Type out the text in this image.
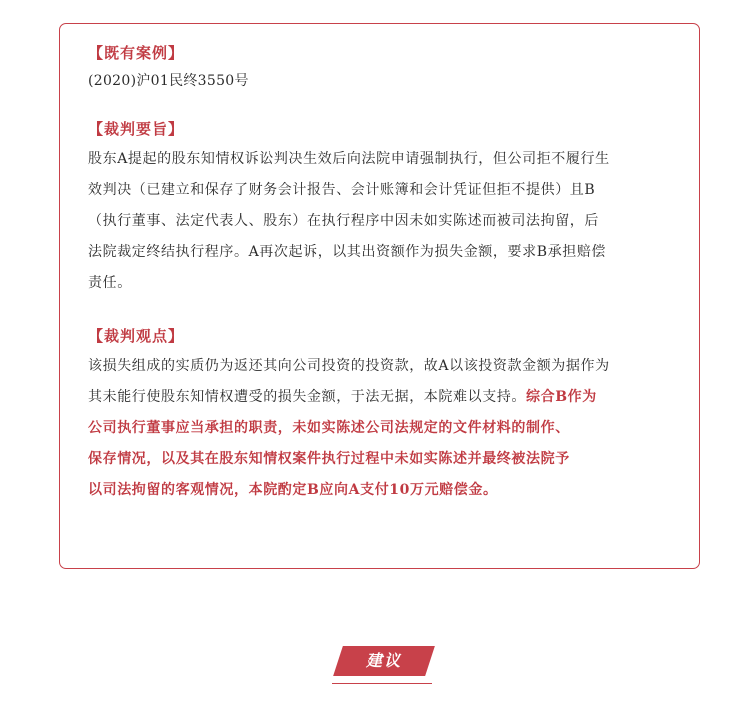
【既有案例】

(2020)沪01民终3550号

【裁判要旨】

股东A提起的股东知情权诉讼判决生效后向法院申请强制执行，但公司拒不履行生

效判决（已建立和保存了财务会计报告、会计账簿和会计凭证但拒不提供）且B

（执行董事、法定代表人、股东）在执行程序中因未如实陈述而被司法拘留，后

法院裁定终结执行程序。A再次起诉，以其出资额作为损失金额，要求B承担赔偿

责任。

【裁判观点】

该损失组成的实质仍为返还其向公司投资的投资款，故A以该投资款金额为据作为

其未能行使股东知情权遭受的损失金额，于法无据，本院难以支持。综合B作为

公司执行董事应当承担的职责，未如实陈述公司法规定的文件材料的制作、

保存情况，以及其在股东知情权案件执行过程中未如实陈述并最终被法院予

以司法拘留的客观情况，本院酌定B应向A支付10万元赔偿金。

建议
